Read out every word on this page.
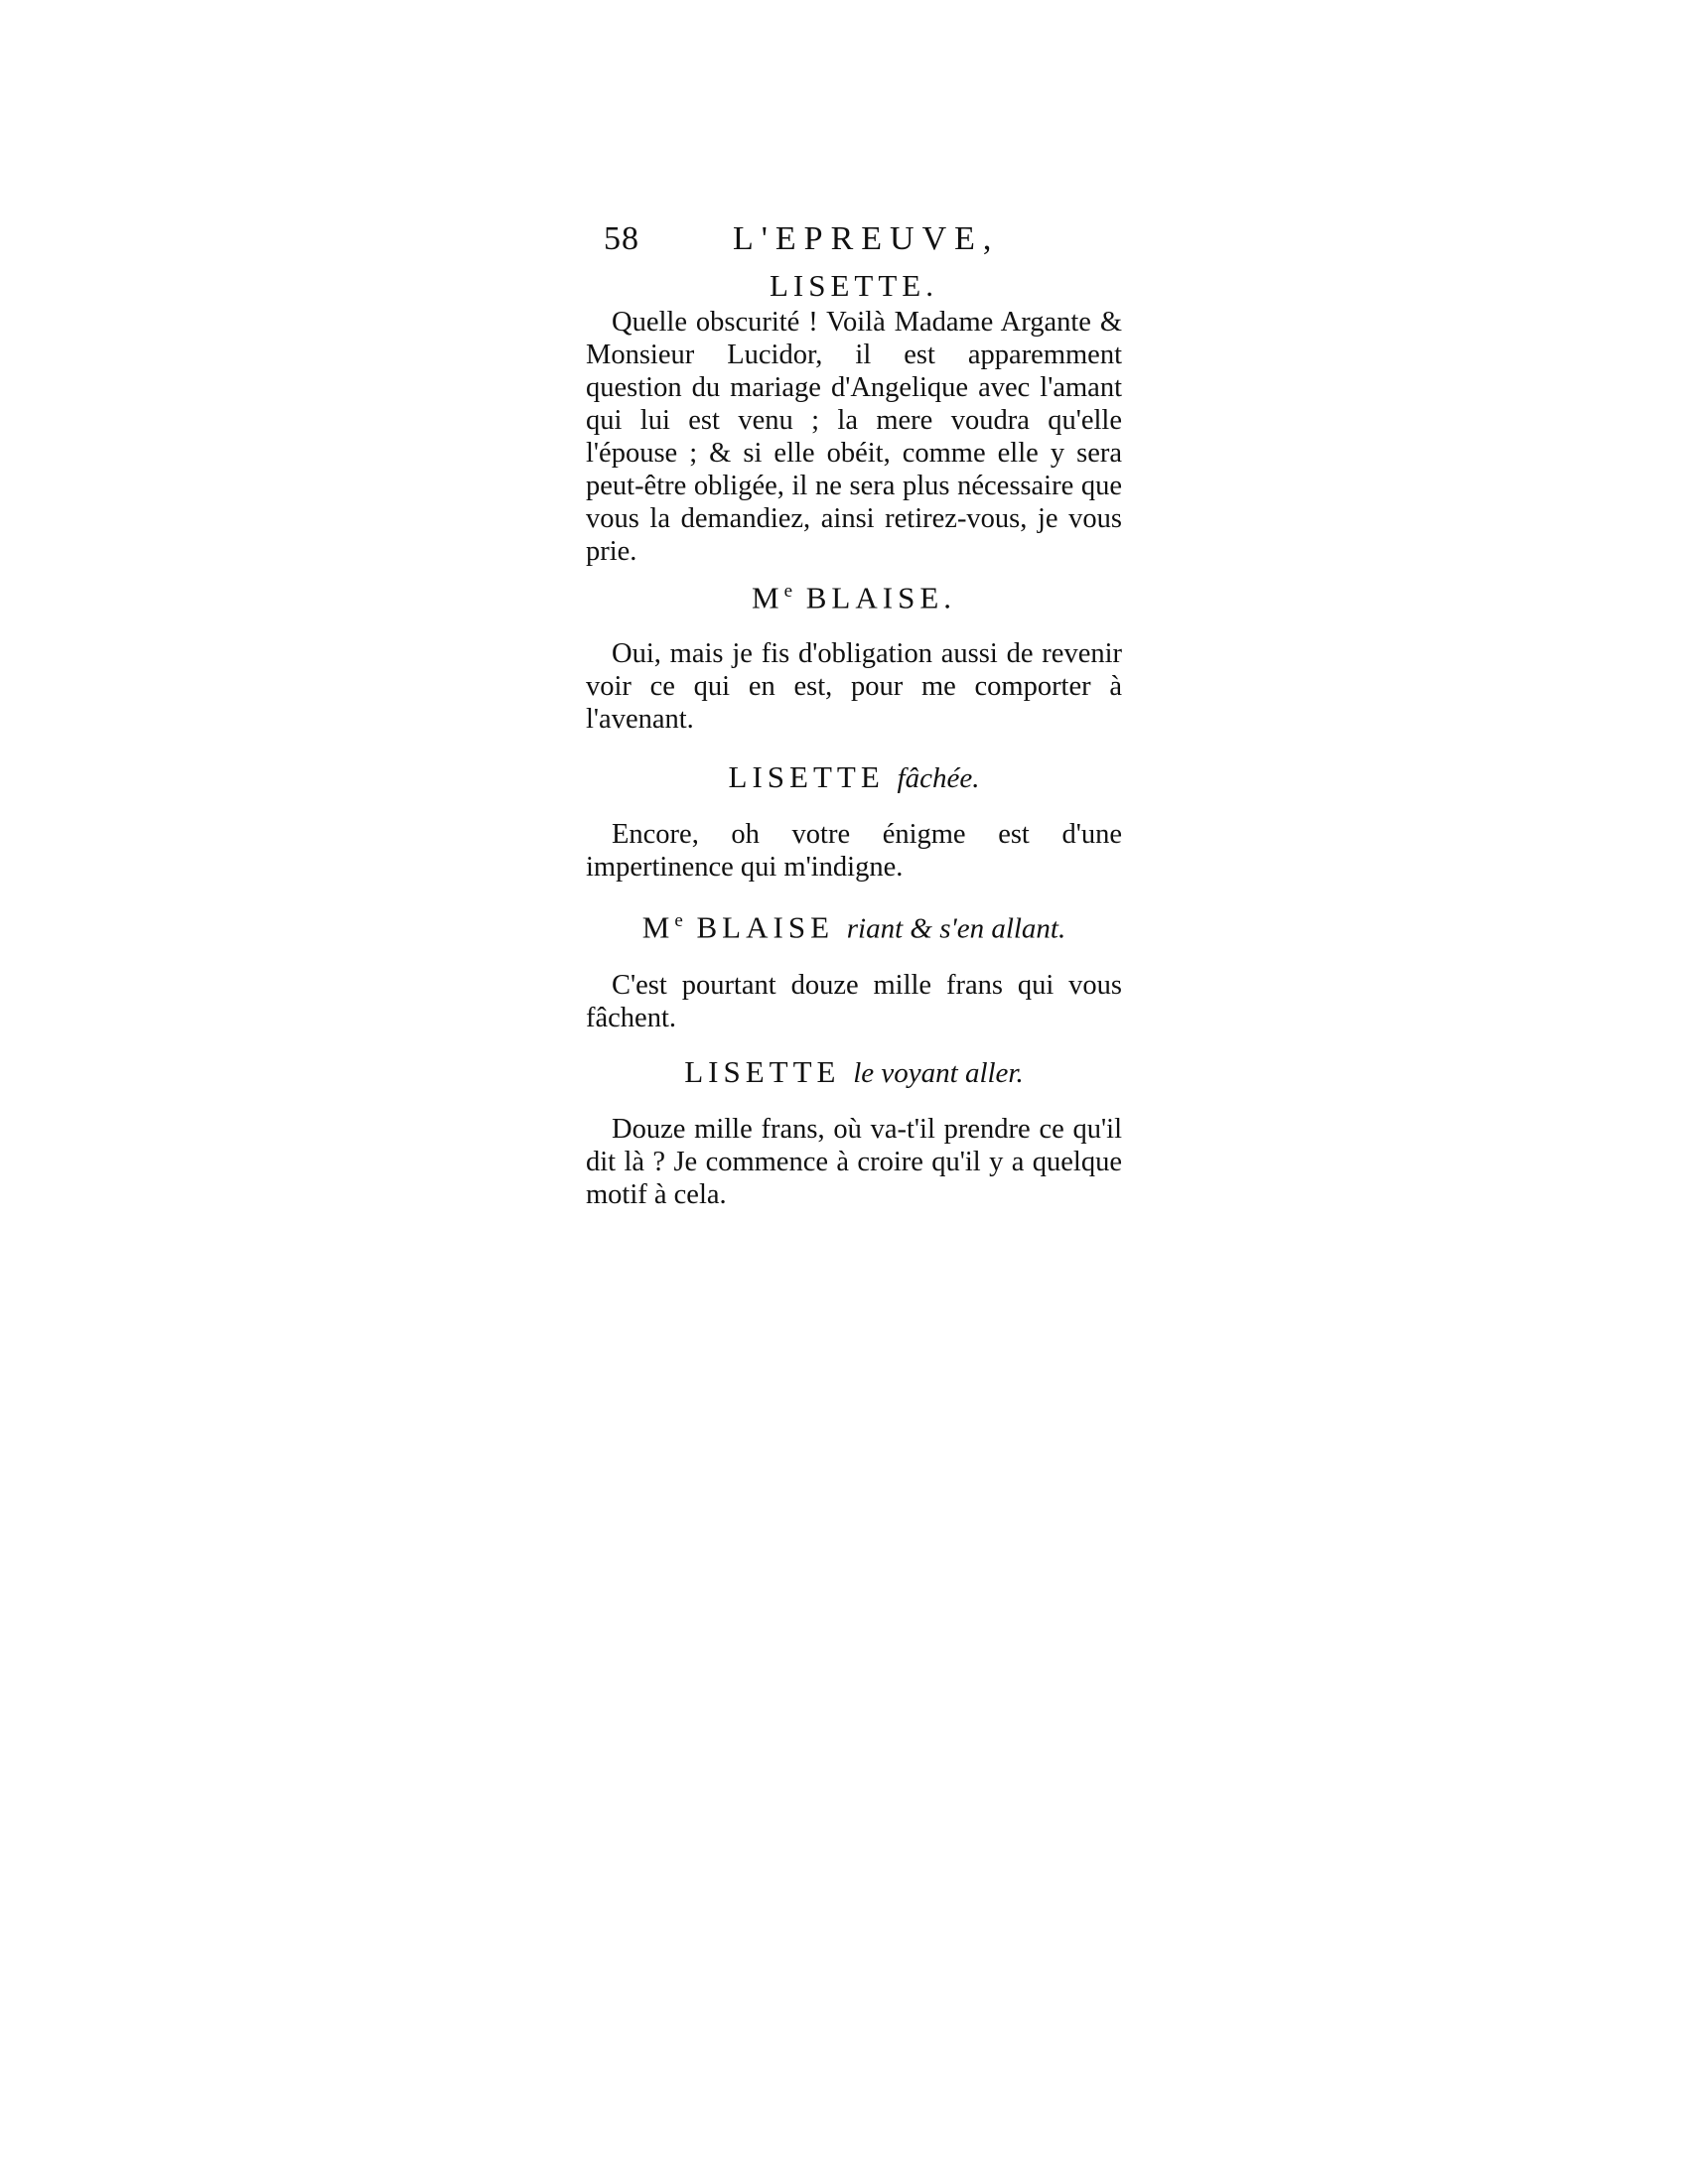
58	L'EPREUVE,

LISETTE.

Quelle obscurité ! Voilà Madame Argante & Monsieur Lucidor, il est apparemment question du mariage d'Angelique avec l'amant qui lui est venu ; la mere voudra qu'elle l'épouse ; & si elle obéit, comme elle y sera peut-être obligée, il ne sera plus nécessaire que vous la demandiez, ainsi retirez-vous, je vous prie.

Me BLAISE.

Oui, mais je fis d'obligation aussi de revenir voir ce qui en est, pour me comporter à l'avenant.

LISETTE fâchée.

Encore, oh votre énigme est d'une impertinence qui m'indigne.

Me BLAISE riant & s'en allant.

C'est pourtant douze mille frans qui vous fâchent.

LISETTE le voyant aller.

Douze mille frans, où va-t'il prendre ce qu'il dit là ? Je commence à croire qu'il y a quelque motif à cela.
